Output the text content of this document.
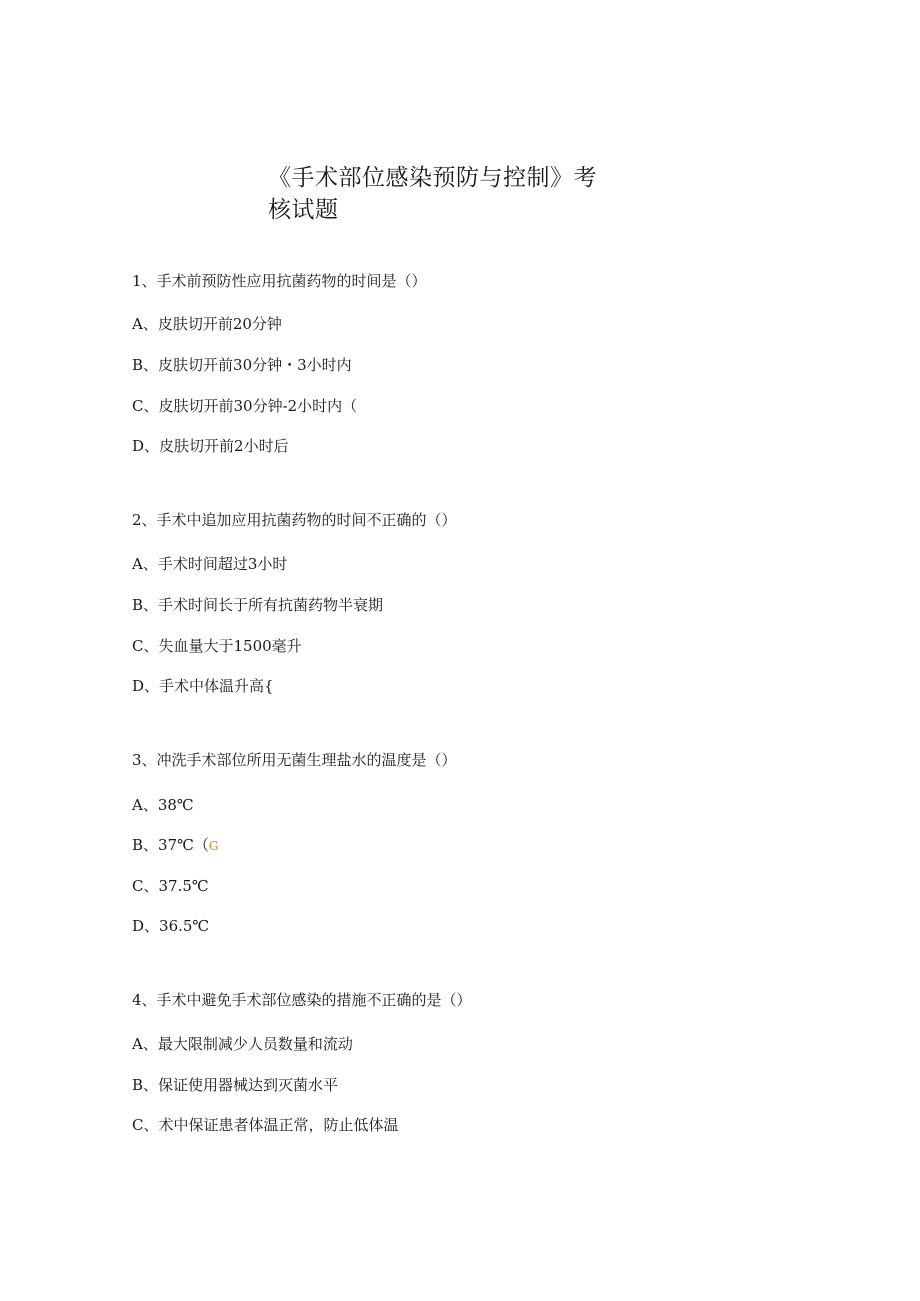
《手术部位感染预防与控制》考
核试题
1、手术前预防性应用抗菌药物的时间是（）
A、皮肤切开前20分钟
B、皮肤切开前30分钟・3小时内
C、皮肤切开前30分钟-2小时内（
D、皮肤切开前2小时后
2、手术中追加应用抗菌药物的时间不正确的（）
A、手术时间超过3小时
B、手术时间长于所有抗菌药物半衰期
C、失血量大于1500毫升
D、手术中体温升高{
3、冲洗手术部位所用无菌生理盐水的温度是（）
A、38℃
B、37℃（G
C、37.5℃
D、36.5℃
4、手术中避免手术部位感染的措施不正确的是（）
A、最大限制减少人员数量和流动
B、保证使用器械达到灭菌水平
C、术中保证患者体温正常，防止低体温
